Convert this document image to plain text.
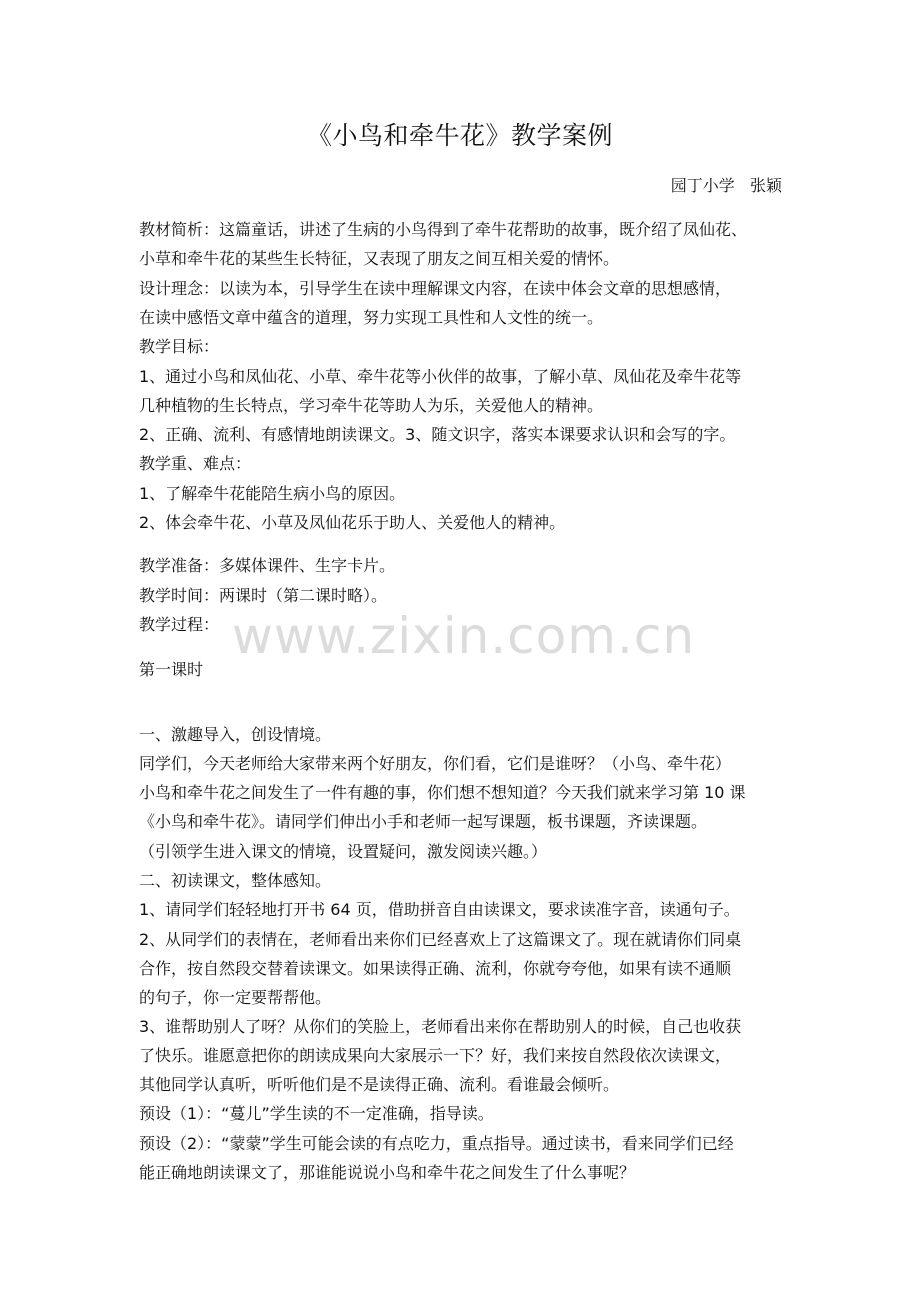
www.zixin.com.cn
《小鸟和牵牛花》教学案例
园丁小学   张颖
教材简析：这篇童话，讲述了生病的小鸟得到了牵牛花帮助的故事，既介绍了凤仙花、
小草和牵牛花的某些生长特征，又表现了朋友之间互相关爱的情怀。
设计理念：以读为本，引导学生在读中理解课文内容，在读中体会文章的思想感情，
在读中感悟文章中蕴含的道理，努力实现工具性和人文性的统一。
教学目标：
1、通过小鸟和凤仙花、小草、牵牛花等小伙伴的故事，了解小草、凤仙花及牵牛花等
几种植物的生长特点，学习牵牛花等助人为乐，关爱他人的精神。
2、正确、流利、有感情地朗读课文。3、随文识字，落实本课要求认识和会写的字。
教学重、难点：
1、了解牵牛花能陪生病小鸟的原因。
2、体会牵牛花、小草及凤仙花乐于助人、关爱他人的精神。
教学准备：多媒体课件、生字卡片。
教学时间：两课时（第二课时略）。
教学过程：
第一课时
一、激趣导入，创设情境。
同学们，今天老师给大家带来两个好朋友，你们看，它们是谁呀？（小鸟、牵牛花）
小鸟和牵牛花之间发生了一件有趣的事，你们想不想知道？今天我们就来学习第 10 课
《小鸟和牵牛花》。请同学们伸出小手和老师一起写课题，板书课题，齐读课题。
（引领学生进入课文的情境，设置疑问，激发阅读兴趣。）
二、初读课文，整体感知。
1、请同学们轻轻地打开书 64 页，借助拼音自由读课文，要求读准字音，读通句子。
2、从同学们的表情在，老师看出来你们已经喜欢上了这篇课文了。现在就请你们同桌
合作，按自然段交替着读课文。如果读得正确、流利，你就夸夸他，如果有读不通顺
的句子，你一定要帮帮他。
3、谁帮助别人了呀？从你们的笑脸上，老师看出来你在帮助别人的时候，自己也收获
了快乐。谁愿意把你的朗读成果向大家展示一下？好，我们来按自然段依次读课文，
其他同学认真听，听听他们是不是读得正确、流利。看谁最会倾听。
预设（1）：“蔓儿”学生读的不一定准确，指导读。
预设（2）：“蒙蒙”学生可能会读的有点吃力，重点指导。通过读书，看来同学们已经
能正确地朗读课文了，那谁能说说小鸟和牵牛花之间发生了什么事呢？
